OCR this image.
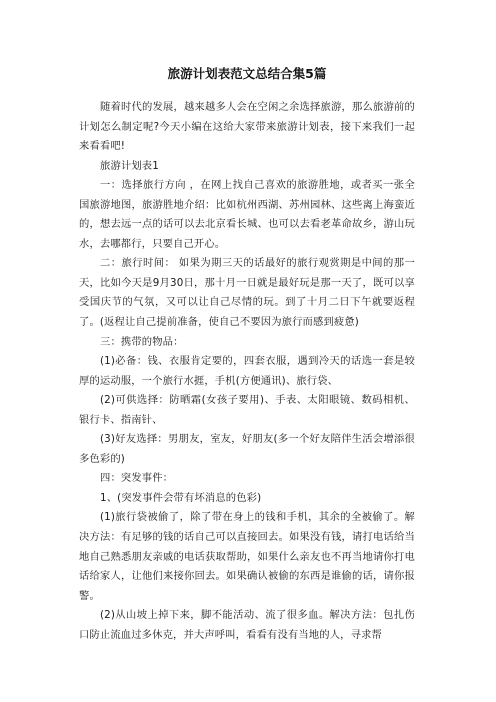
旅游计划表范文总结合集5篇

随着时代的发展，越来越多人会在空闲之余选择旅游，那么旅游前的计划怎么制定呢?今天小编在这给大家带来旅游计划表，接下来我们一起来看看吧!

旅游计划表1

一：选择旅行方向 ，在网上找自己喜欢的旅游胜地，或者买一张全国旅游地图，旅游胜地介绍：比如杭州西湖、苏州园林、这些离上海蛮近的，想去远一点的话可以去北京看长城、也可以去看老革命故乡，游山玩水，去哪都行，只要自己开心。

二：旅行时间： 如果为期三天的话最好的旅行观赏期是中间的那一天，比如今天是9月30日，那十月一日就是最好玩是那一天了，既可以享受国庆节的气氛，又可以让自己尽情的玩。到了十月二日下午就要返程了。(返程让自己提前准备，使自己不要因为旅行而感到疲惫)

三：携带的物品：

(1)必备：钱、衣服肯定要的，四套衣服，遇到冷天的话选一套是较厚的运动服，一个旅行水捱，手机(方便通讯)、旅行袋、

(2)可供选择：防晒霜(女孩子要用)、手表、太阳眼镜、数码相机、银行卡、指南针、

(3)好友选择：男朋友，室友，好朋友(多一个好友陪伴生活会增添很多色彩的)

四：突发事件：

1、(突发事件会带有坏消息的色彩)

(1)旅行袋被偷了，除了带在身上的钱和手机，其余的全被偷了。解决方法：有足够的钱的话自己可以直接回去。如果没有钱，请打电话给当地自己熟悉朋友亲戚的电话获取帮助，如果什么亲友也不再当地请你打电话给家人，让他们来接你回去。如果确认被偷的东西是谁偷的话，请你报警。

(2)从山坡上掉下来，脚不能活动、流了很多血。解决方法：包扎伤口防止流血过多休克，并大声呼叫，看看有没有当地的人，寻求帮
